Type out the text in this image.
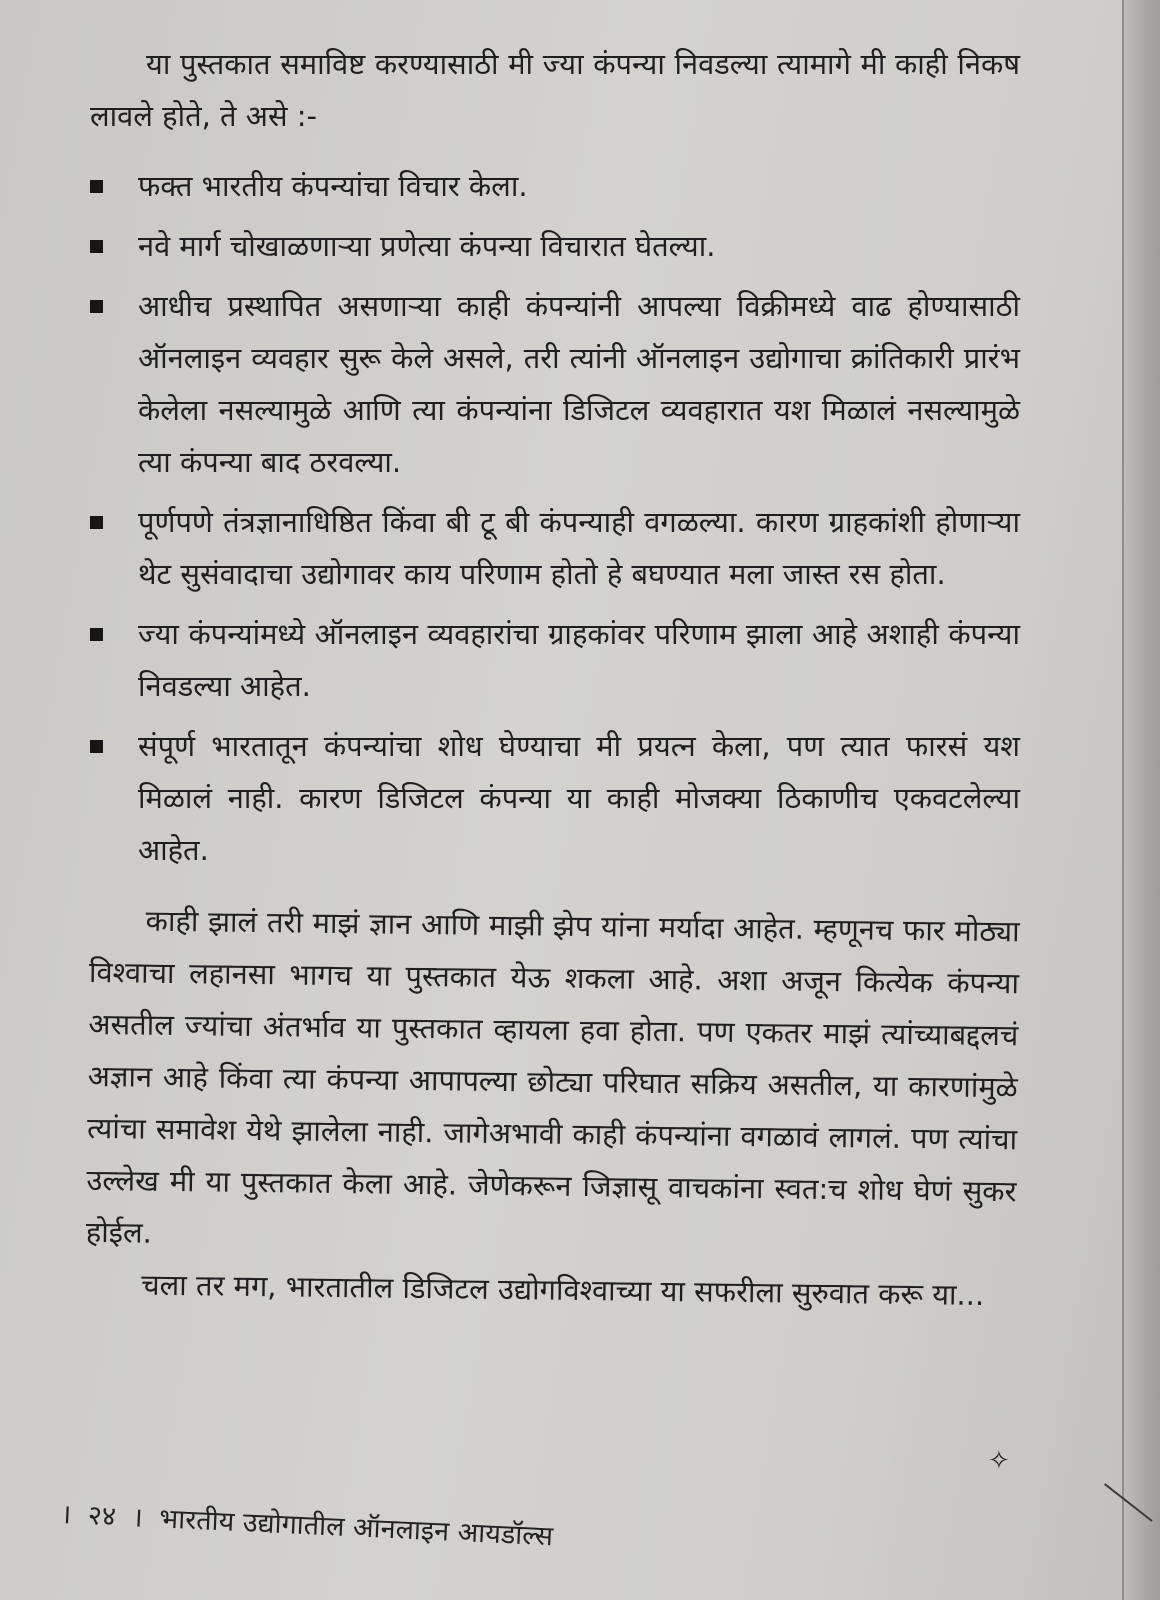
या पुस्तकात समाविष्ट करण्यासाठी मी ज्या कंपन्या निवडल्या त्यामागे मी काही निकष लावले होते, ते असे :-

फक्त भारतीय कंपन्यांचा विचार केला.
नवे मार्ग चोखाळणाऱ्या प्रणेत्या कंपन्या विचारात घेतल्या.
आधीच प्रस्थापित असणाऱ्या काही कंपन्यांनी आपल्या विक्रीमध्ये वाढ होण्यासाठी ऑनलाइन व्यवहार सुरू केले असले, तरी त्यांनी ऑनलाइन उद्योगाचा क्रांतिकारी प्रारंभ केलेला नसल्यामुळे आणि त्या कंपन्यांना डिजिटल व्यवहारात यश मिळालं नसल्यामुळे त्या कंपन्या बाद ठरवल्या.
पूर्णपणे तंत्रज्ञानाधिष्ठित किंवा बी टू बी कंपन्याही वगळल्या. कारण ग्राहकांशी होणाऱ्या थेट सुसंवादाचा उद्योगावर काय परिणाम होतो हे बघण्यात मला जास्त रस होता.
ज्या कंपन्यांमध्ये ऑनलाइन व्यवहारांचा ग्राहकांवर परिणाम झाला आहे अशाही कंपन्या निवडल्या आहेत.
संपूर्ण भारतातून कंपन्यांचा शोध घेण्याचा मी प्रयत्न केला, पण त्यात फारसं यश मिळालं नाही. कारण डिजिटल कंपन्या या काही मोजक्या ठिकाणीच एकवटलेल्या आहेत.

काही झालं तरी माझं ज्ञान आणि माझी झेप यांना मर्यादा आहेत. म्हणूनच फार मोठ्या विश्वाचा लहानसा भागच या पुस्तकात येऊ शकला आहे. अशा अजून कित्येक कंपन्या असतील ज्यांचा अंतर्भाव या पुस्तकात व्हायला हवा होता. पण एकतर माझं त्यांच्याबद्दलचं अज्ञान आहे किंवा त्या कंपन्या आपापल्या छोट्या परिघात सक्रिय असतील, या कारणांमुळे त्यांचा समावेश येथे झालेला नाही. जागेअभावी काही कंपन्यांना वगळावं लागलं. पण त्यांचा उल्लेख मी या पुस्तकात केला आहे. जेणेकरून जिज्ञासू वाचकांना स्वत:च शोध घेणं सुकर होईल.

चला तर मग, भारतातील डिजिटल उद्योगविश्वाच्या या सफरीला सुरुवात करू या...

✧
। २४ । भारतीय उद्योगातील ऑनलाइन आयडॉल्स
